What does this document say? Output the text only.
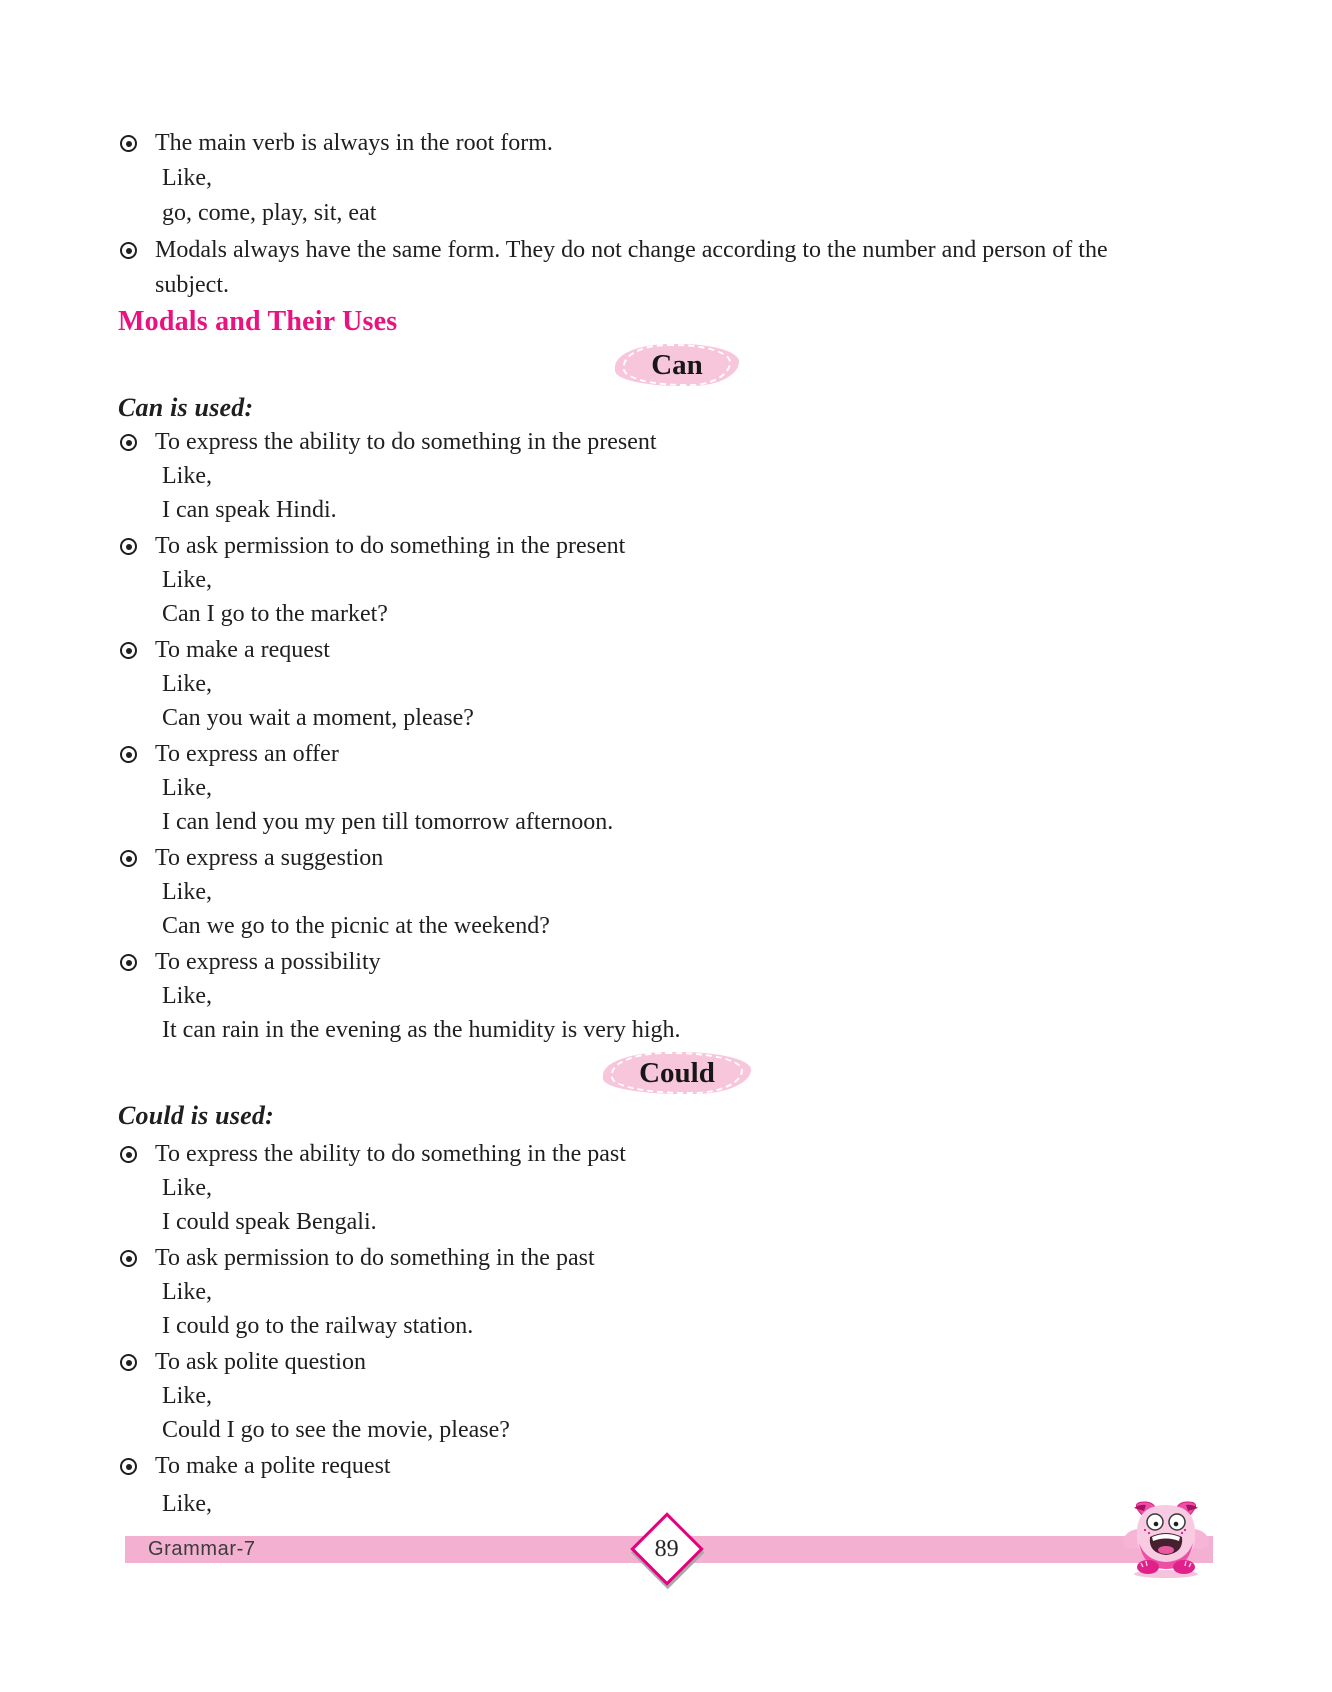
The main verb is always in the root form.
Like,
go, come, play, sit, eat
Modals always have the same form. They do not change according to the number and person of the subject.
Modals and Their Uses
Can
Can is used:
To express the ability to do something in the present
Like,
I can speak Hindi.
To ask permission to do something in the present
Like,
Can I go to the market?
To make a request
Like,
Can you wait a moment, please?
To express an offer
Like,
I can lend you my pen till tomorrow afternoon.
To express a suggestion
Like,
Can we go to the picnic at the weekend?
To express a possibility
Like,
It can rain in the evening as the humidity is very high.
Could
Could is used:
To express the ability to do something in the past
Like,
I could speak Bengali.
To ask permission to do something in the past
Like,
I could go to the railway station.
To ask polite question
Like,
Could I go to see the movie, please?
To make a polite request
Like,
Grammar-7	89
